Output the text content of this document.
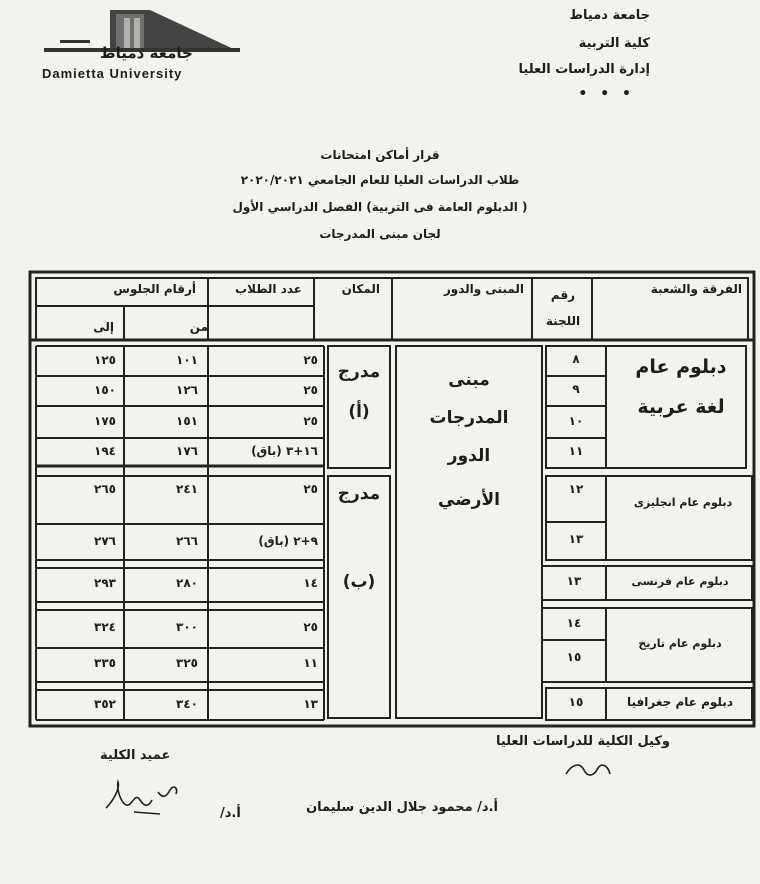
جامعة دمياط
كلية التربية
إدارة الدراسات العليا
• • •
جامعة دمياط
Damietta University
قرار أماكن امتحانات
طلاب الدراسات العليا للعام الجامعي ٢٠٢٠/٢٠٢١
( الدبلوم العامة فى التربية) الفصل الدراسي الأول
لجان مبنى المدرجات
الفرقة والشعبة
رقم اللجنة
المبنى والدور
المكان
عدد الطلاب
أرقام الجلوس
من
إلى
دبلوم عام
لغة عربية
دبلوم عام انجليزى
دبلوم عام فرنسى
دبلوم عام تاريخ
دبلوم عام جغرافيا
٨
٩
١٠
١١
١٢
١٣
١٣
١٤
١٥
١٥
مبنى
المدرجات
الدور
الأرضي
مدرج
(أ)
مدرج
(ب)
٢٥
٢٥
٢٥
١٦+٣ (باق)
٢٥
٩+٢ (باق)
١٤
٢٥
١١
١٣
١٠١
١٢٦
١٥١
١٧٦
٢٤١
٢٦٦
٢٨٠
٣٠٠
٣٢٥
٣٤٠
١٢٥
١٥٠
١٧٥
١٩٤
٢٦٥
٢٧٦
٢٩٣
٣٢٤
٣٣٥
٣٥٢
عميد الكلية
أ.د/
وكيل الكلية للدراسات العليا
أ.د/ محمود جلال الدين سليمان
